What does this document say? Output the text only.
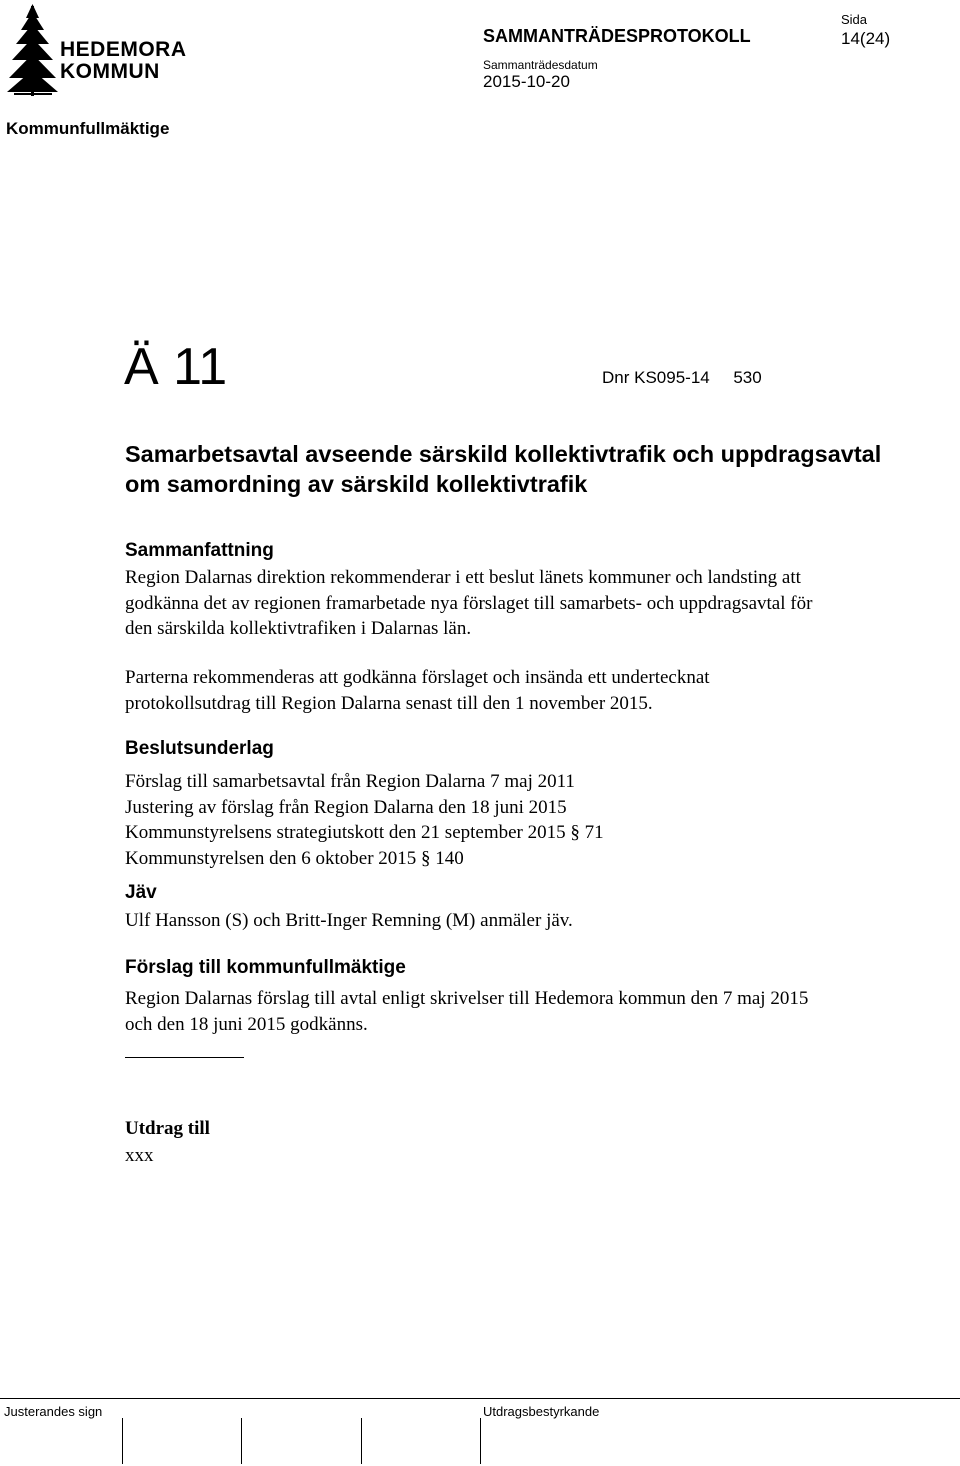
HEDEMORA
KOMMUN
SAMMANTRÄDESPROTOKOLL
Sammanträdesdatum
2015-10-20
Sida
14(24)
Kommunfullmäktige
Ä 11	Dnr KS095-14     530
Samarbetsavtal avseende särskild kollektivtrafik och uppdragsavtal om samordning av särskild kollektivtrafik
Sammanfattning
Region Dalarnas direktion rekommenderar i ett beslut länets kommuner och landsting att godkänna det av regionen framarbetade nya förslaget till samarbets- och uppdragsavtal för den särskilda kollektivtrafiken i Dalarnas län.
Parterna rekommenderas att godkänna förslaget och insända ett undertecknat protokollsutdrag till Region Dalarna senast till den 1 november 2015.
Beslutsunderlag
Förslag till samarbetsavtal från Region Dalarna 7 maj 2011
Justering av förslag från Region Dalarna den 18 juni 2015
Kommunstyrelsens strategiutskott den 21 september 2015 § 71
Kommunstyrelsen den 6 oktober 2015 § 140
Jäv
Ulf Hansson (S) och Britt-Inger Remning (M) anmäler jäv.
Förslag till kommunfullmäktige
Region Dalarnas förslag till avtal enligt skrivelser till Hedemora kommun den 7 maj 2015 och den 18 juni 2015 godkänns.
Utdrag till
xxx
Justerandes sign	Utdragsbestyrkande
